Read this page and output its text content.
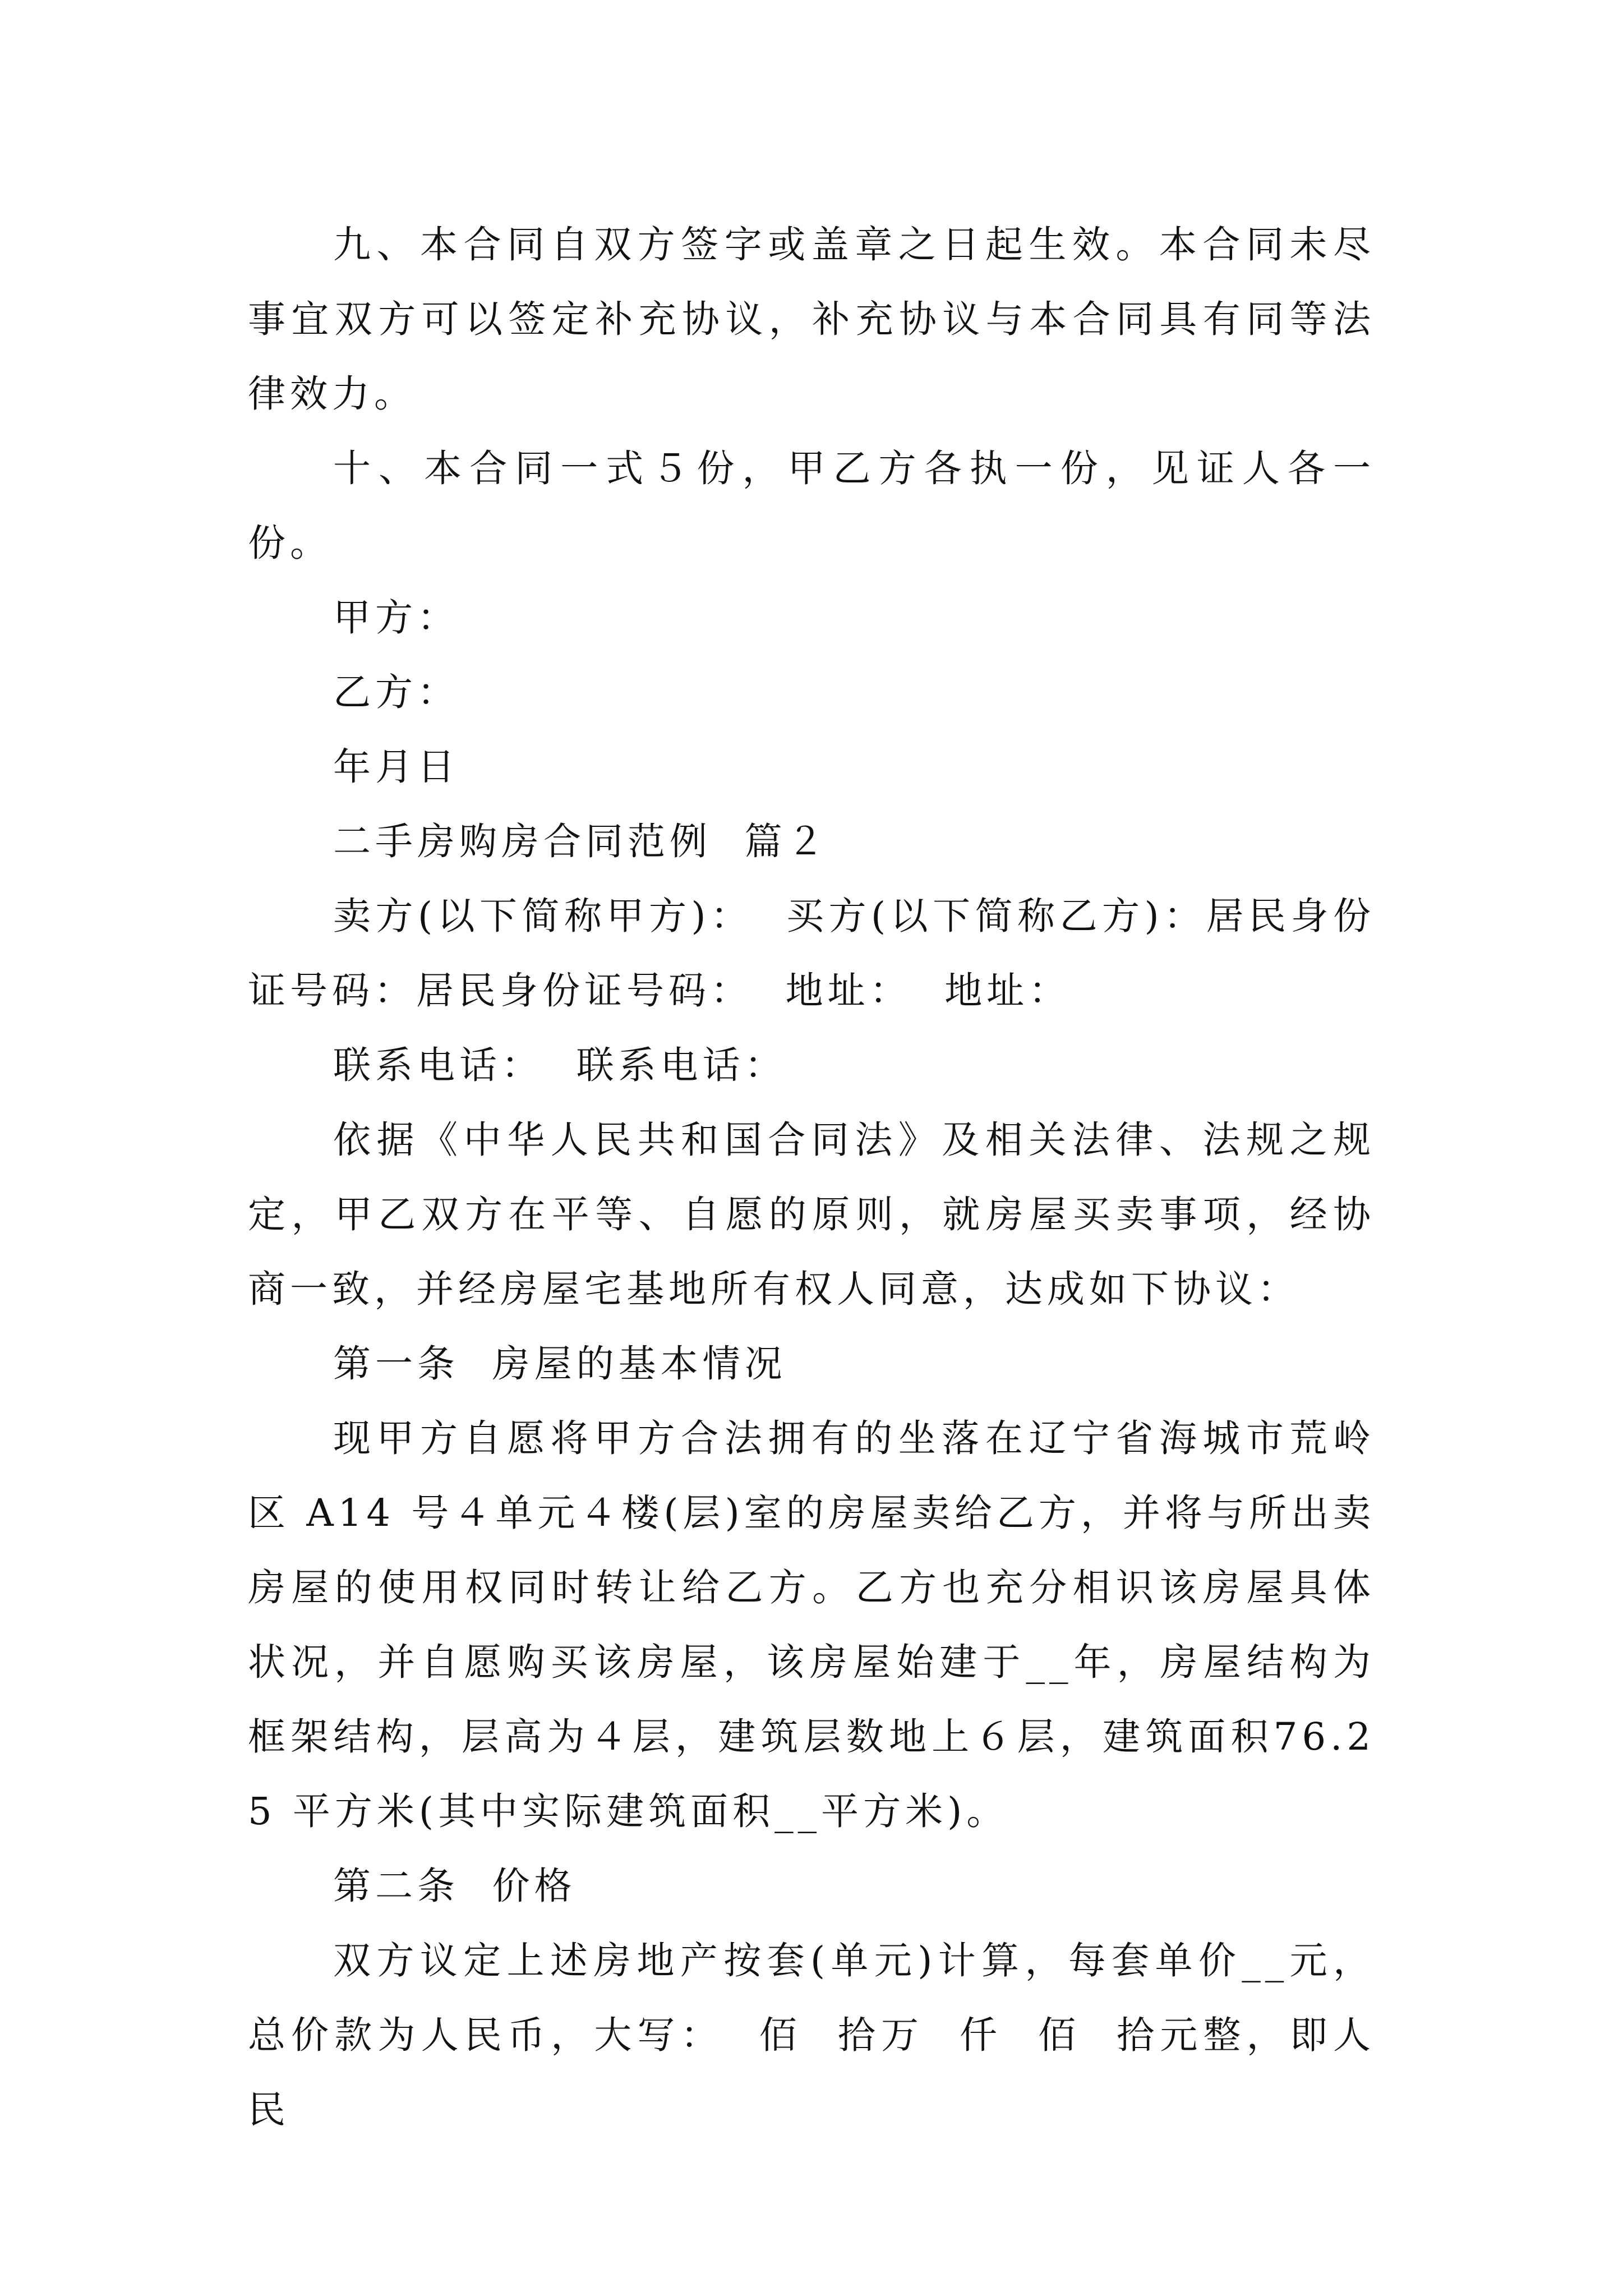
九、本合同自双方签字或盖章之日起生效。本合同未尽事宜双方可以签定补充协议，补充协议与本合同具有同等法律效力。

十、本合同一式５份，甲乙方各执一份，见证人各一份。

甲方：

乙方：

年月日

二手房购房合同范例  篇２

卖方(以下简称甲方)：  买方(以下简称乙方)：居民身份证号码：居民身份证号码：  地址：  地址：

联系电话：  联系电话：

依据《中华人民共和国合同法》及相关法律、法规之规定，甲乙双方在平等、自愿的原则，就房屋买卖事项，经协商一致，并经房屋宅基地所有权人同意，达成如下协议：

第一条  房屋的基本情况

现甲方自愿将甲方合法拥有的坐落在辽宁省海城市荒岭区 A14 号４单元４楼(层)室的房屋卖给乙方，并将与所出卖房屋的使用权同时转让给乙方。乙方也充分相识该房屋具体状况，并自愿购买该房屋，该房屋始建于__年，房屋结构为框架结构，层高为４层，建筑层数地上６层，建筑面积76.25 平方米(其中实际建筑面积__平方米)。

第二条  价格

双方议定上述房地产按套(单元)计算，每套单价__元，总价款为人民币，大写：  佰  拾万  仟  佰  拾元整，即人民
